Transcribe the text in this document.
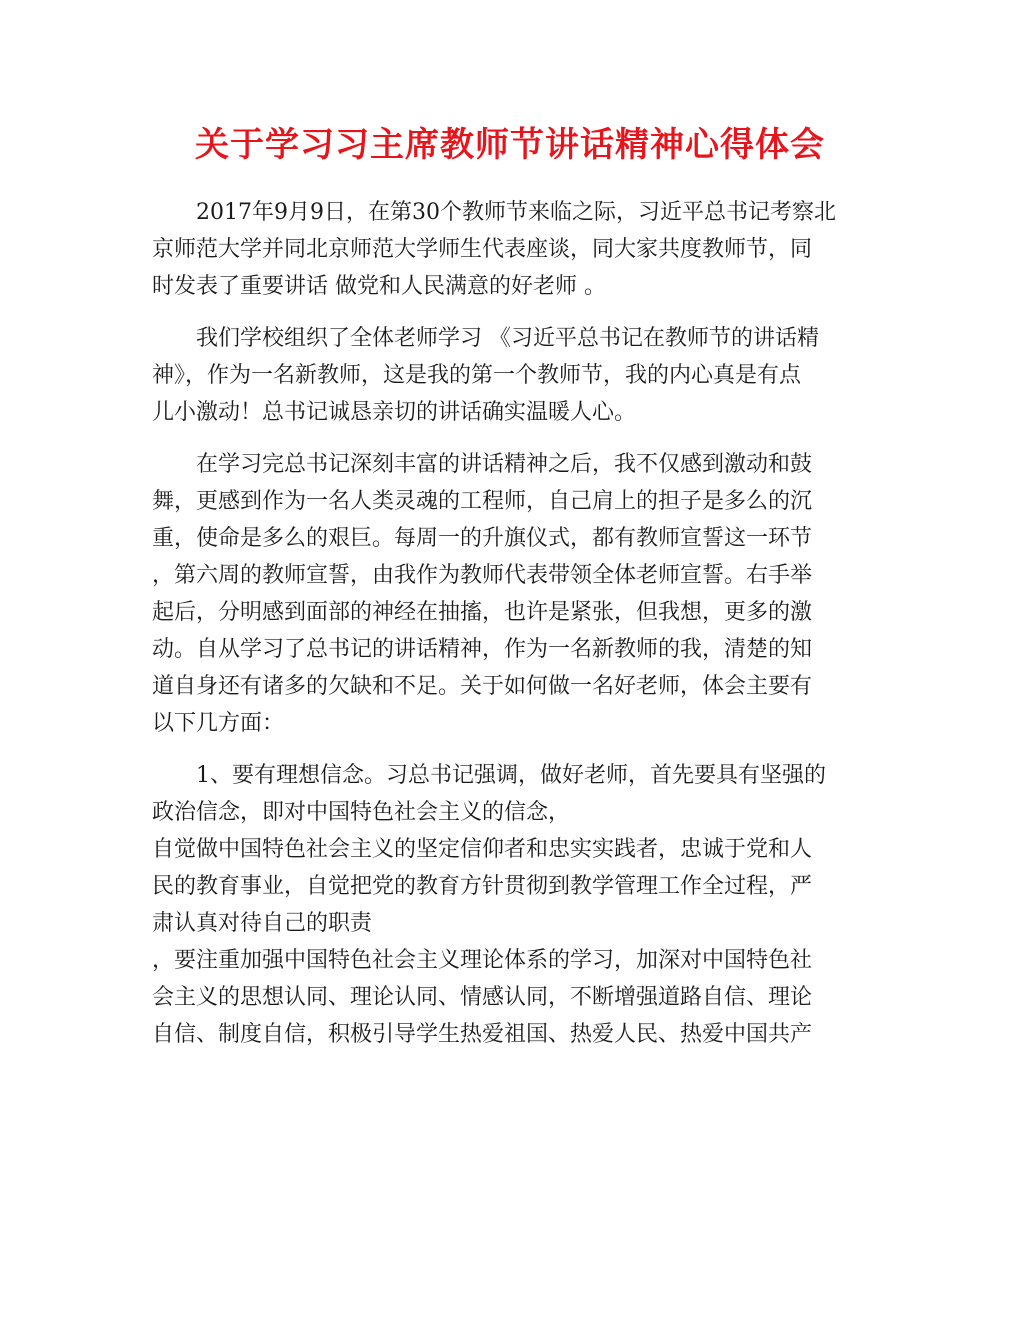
关于学习习主席教师节讲话精神心得体会
　　2017年9月9日，在第30个教师节来临之际，习近平总书记考察北
京师范大学并同北京师范大学师生代表座谈，同大家共度教师节，同
时发表了重要讲话 做党和人民满意的好老师 。
　　我们学校组织了全体老师学习 《习近平总书记在教师节的讲话精
神》，作为一名新教师，这是我的第一个教师节，我的内心真是有点
儿小激动！总书记诚恳亲切的讲话确实温暖人心。
　　在学习完总书记深刻丰富的讲话精神之后，我不仅感到激动和鼓
舞，更感到作为一名人类灵魂的工程师，自己肩上的担子是多么的沉
重，使命是多么的艰巨。每周一的升旗仪式，都有教师宣誓这一环节
，第六周的教师宣誓，由我作为教师代表带领全体老师宣誓。右手举
起后，分明感到面部的神经在抽搐，也许是紧张，但我想，更多的激
动。自从学习了总书记的讲话精神，作为一名新教师的我，清楚的知
道自身还有诸多的欠缺和不足。关于如何做一名好老师，体会主要有
以下几方面：
　　1、要有理想信念。习总书记强调，做好老师，首先要具有坚强的
政治信念，即对中国特色社会主义的信念，
自觉做中国特色社会主义的坚定信仰者和忠实实践者，忠诚于党和人
民的教育事业，自觉把党的教育方针贯彻到教学管理工作全过程，严
肃认真对待自己的职责
，要注重加强中国特色社会主义理论体系的学习，加深对中国特色社
会主义的思想认同、理论认同、情感认同，不断增强道路自信、理论
自信、制度自信，积极引导学生热爱祖国、热爱人民、热爱中国共产
